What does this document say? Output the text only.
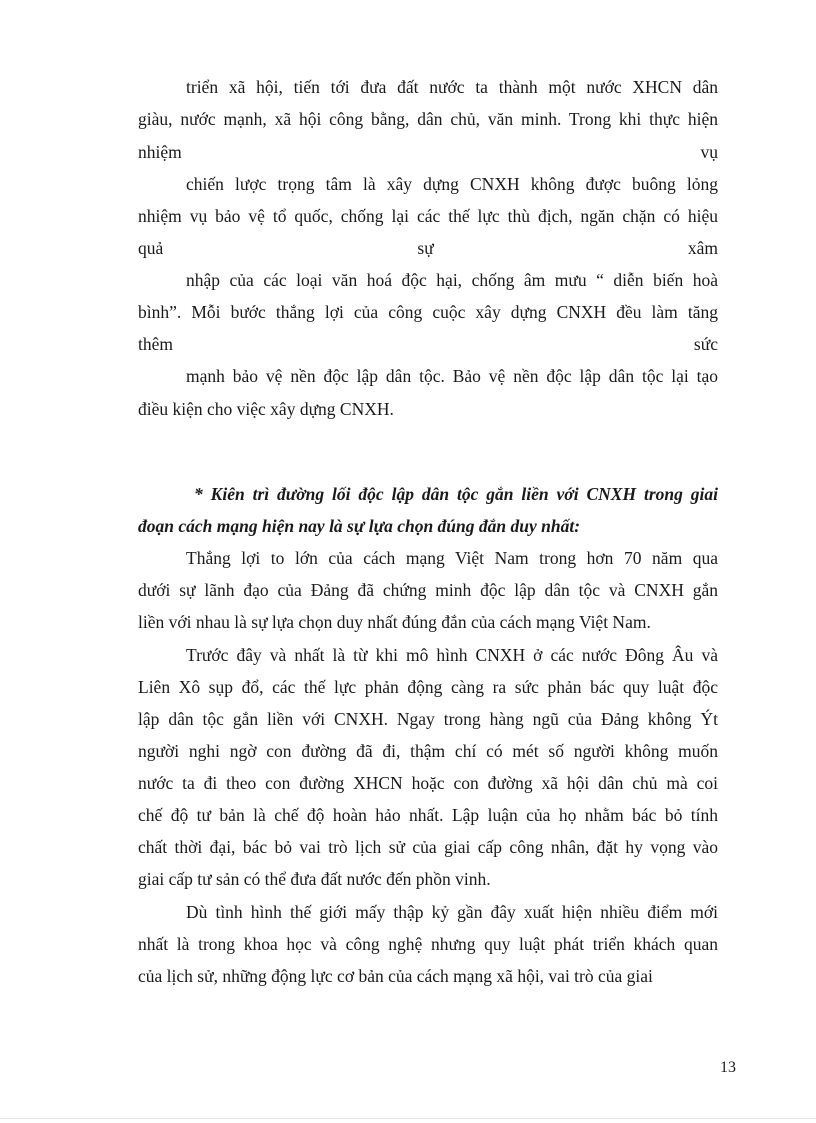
triển xã hội, tiến tới đưa đất nước ta thành một nước XHCN dân
giàu, nước mạnh, xã hội công bằng, dân chủ, văn minh. Trong khi thực hiện
nhiệm vụ
chiến lược trọng tâm là xây dựng CNXH không được buông lỏng
nhiệm vụ bảo vệ tổ quốc, chống lại các thế lực thù địch, ngăn chặn có hiệu
quả sự xâm
nhập của các loại văn hoá độc hại, chống âm mưu “ diễn biến hoà
bình”. Mỗi bước thắng lợi của công cuộc xây dựng CNXH đều làm tăng
thêm sức
mạnh bảo vệ nền độc lập dân tộc. Bảo vệ nền độc lập dân tộc lại tạo
điều kiện cho việc xây dựng CNXH.
* Kiên trì đường lối độc lập dân tộc gắn liền với CNXH trong giai
đoạn cách mạng hiện nay là sự lựa chọn đúng đắn duy nhất:
Thắng lợi to lớn của cách mạng Việt Nam trong hơn 70 năm qua
dưới sự lãnh đạo của Đảng đã chứng minh độc lập dân tộc và CNXH gắn
liền với nhau là sự lựa chọn duy nhất đúng đắn của cách mạng Việt Nam.
Trước đây và nhất là từ khi mô hình CNXH ở các nước Đông Âu và
Liên Xô sụp đổ, các thế lực phản động càng ra sức phản bác quy luật độc
lập dân tộc gắn liền với CNXH. Ngay trong hàng ngũ của Đảng không Ýt
người nghi ngờ con đường đã đi, thậm chí có mét số người không muốn
nước ta đi theo con đường XHCN hoặc con đường xã hội dân chủ mà coi
chế độ tư bản là chế độ hoàn hảo nhất. Lập luận của họ nhằm bác bỏ tính
chất thời đại, bác bỏ vai trò lịch sử của giai cấp công nhân, đặt hy vọng vào
giai cấp tư sản có thể đưa đất nước đến phồn vinh.
Dù tình hình thế giới mấy thập kỷ gần đây xuất hiện nhiều điểm mới
nhất là trong khoa học và công nghệ nhưng quy luật phát triển khách quan
của lịch sử, những động lực cơ bản của cách mạng xã hội, vai trò của giai
13
